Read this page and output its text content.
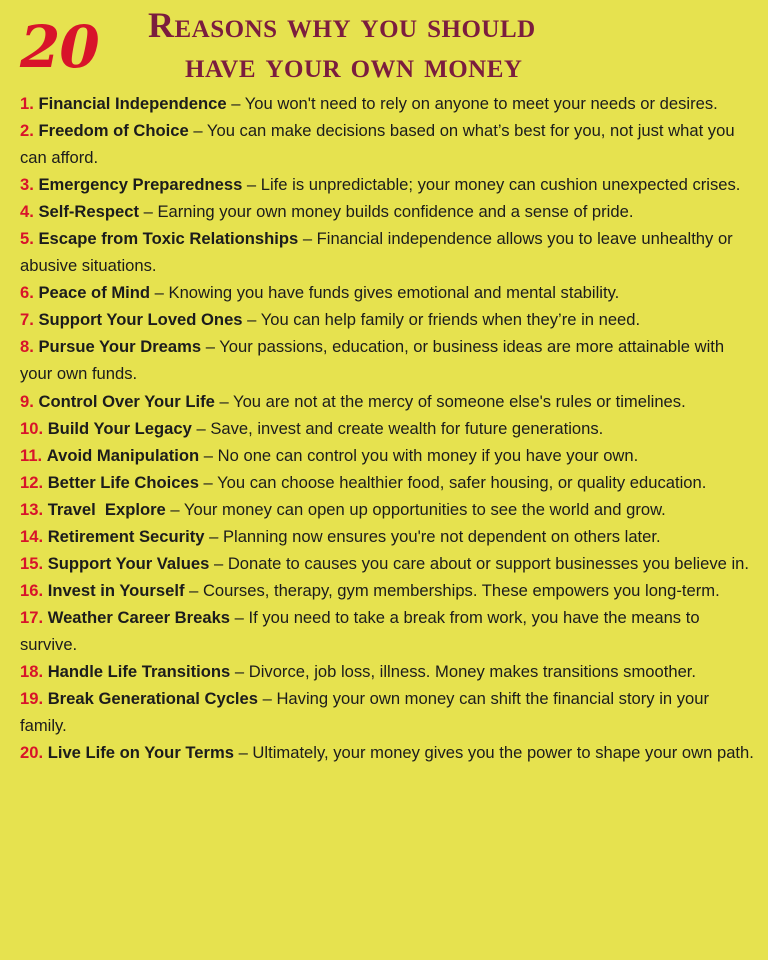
20 Reasons why you should
have your own money
1. Financial Independence – You won't need to rely on anyone to meet your needs or desires.
2. Freedom of Choice – You can make decisions based on what’s best for you, not just what you can afford.
3. Emergency Preparedness – Life is unpredictable; your money can cushion unexpected crises.
4. Self-Respect – Earning your own money builds confidence and a sense of pride.
5. Escape from Toxic Relationships – Financial independence allows you to leave unhealthy or abusive situations.
6. Peace of Mind – Knowing you have funds gives emotional and mental stability.
7. Support Your Loved Ones – You can help family or friends when they’re in need.
8. Pursue Your Dreams – Your passions, education, or business ideas are more attainable with your own funds.
9. Control Over Your Life – You are not at the mercy of someone else's rules or timelines.
10. Build Your Legacy – Save, invest and create wealth for future generations.
11. Avoid Manipulation – No one can control you with money if you have your own.
12. Better Life Choices – You can choose healthier food, safer housing, or quality education.
13. Travel  Explore – Your money can open up opportunities to see the world and grow.
14. Retirement Security – Planning now ensures you're not dependent on others later.
15. Support Your Values – Donate to causes you care about or support businesses you believe in.
16. Invest in Yourself – Courses, therapy, gym memberships. These empowers you long-term.
17. Weather Career Breaks – If you need to take a break from work, you have the means to survive.
18. Handle Life Transitions – Divorce, job loss, illness. Money makes transitions smoother.
19. Break Generational Cycles – Having your own money can shift the financial story in your family.
20. Live Life on Your Terms – Ultimately, your money gives you the power to shape your own path.
